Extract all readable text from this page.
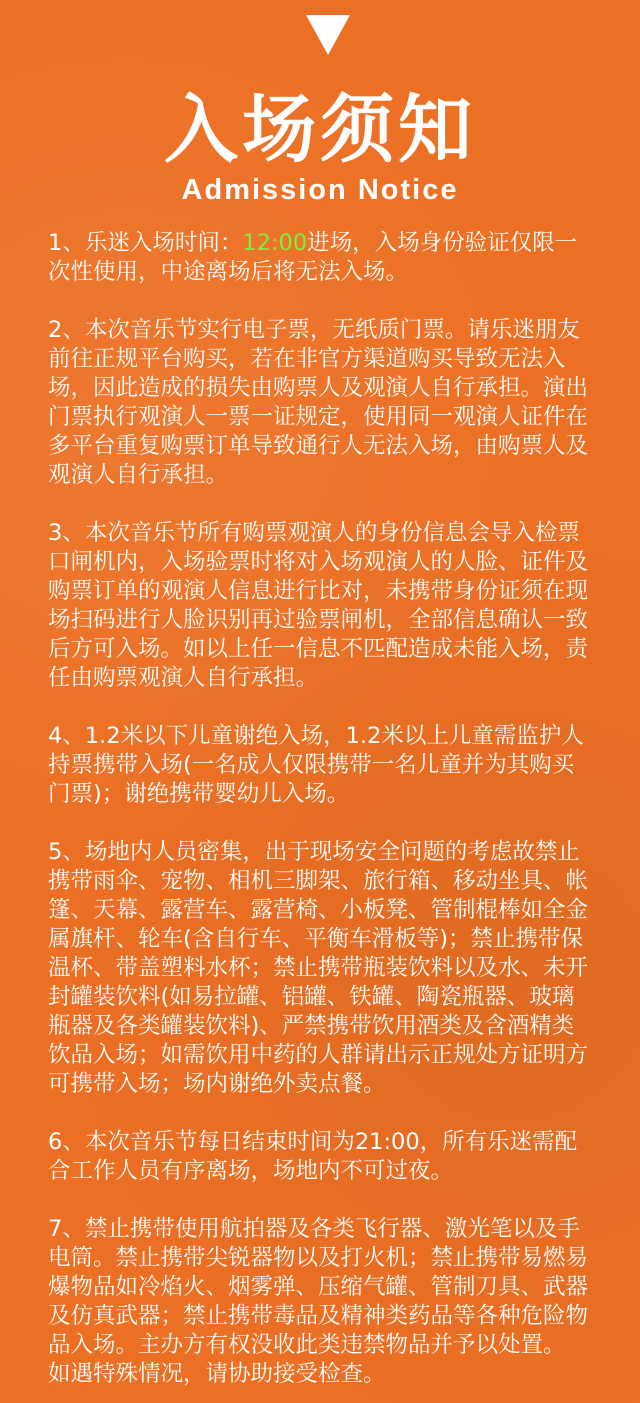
入场须知
Admission Notice

1、乐迷入场时间：12:00进场，入场身份验证仅限一次性使用，中途离场后将无法入场。

2、本次音乐节实行电子票，无纸质门票。请乐迷朋友前往正规平台购买，若在非官方渠道购买导致无法入场，因此造成的损失由购票人及观演人自行承担。演出门票执行观演人一票一证规定，使用同一观演人证件在多平台重复购票订单导致通行人无法入场，由购票人及观演人自行承担。

3、本次音乐节所有购票观演人的身份信息会导入检票口闸机内，入场验票时将对入场观演人的人脸、证件及购票订单的观演人信息进行比对，未携带身份证须在现场扫码进行人脸识别再过验票闸机，全部信息确认一致后方可入场。如以上任一信息不匹配造成未能入场，责任由购票观演人自行承担。

4、1.2米以下儿童谢绝入场，1.2米以上儿童需监护人持票携带入场(一名成人仅限携带一名儿童并为其购买门票)；谢绝携带婴幼儿入场。

5、场地内人员密集，出于现场安全问题的考虑故禁止携带雨伞、宠物、相机三脚架、旅行箱、移动坐具、帐篷、天幕、露营车、露营椅、小板凳、管制棍棒如全金属旗杆、轮车(含自行车、平衡车滑板等)；禁止携带保温杯、带盖塑料水杯；禁止携带瓶装饮料以及水、未开封罐装饮料(如易拉罐、铝罐、铁罐、陶瓷瓶器、玻璃瓶器及各类罐装饮料)、严禁携带饮用酒类及含酒精类饮品入场；如需饮用中药的人群请出示正规处方证明方可携带入场；场内谢绝外卖点餐。

6、本次音乐节每日结束时间为21:00，所有乐迷需配合工作人员有序离场，场地内不可过夜。

7、禁止携带使用航拍器及各类飞行器、激光笔以及手电筒。禁止携带尖锐器物以及打火机；禁止携带易燃易爆物品如冷焰火、烟雾弹、压缩气罐、管制刀具、武器及仿真武器；禁止携带毒品及精神类药品等各种危险物品入场。主办方有权没收此类违禁物品并予以处置。

如遇特殊情况，请协助接受检查。
